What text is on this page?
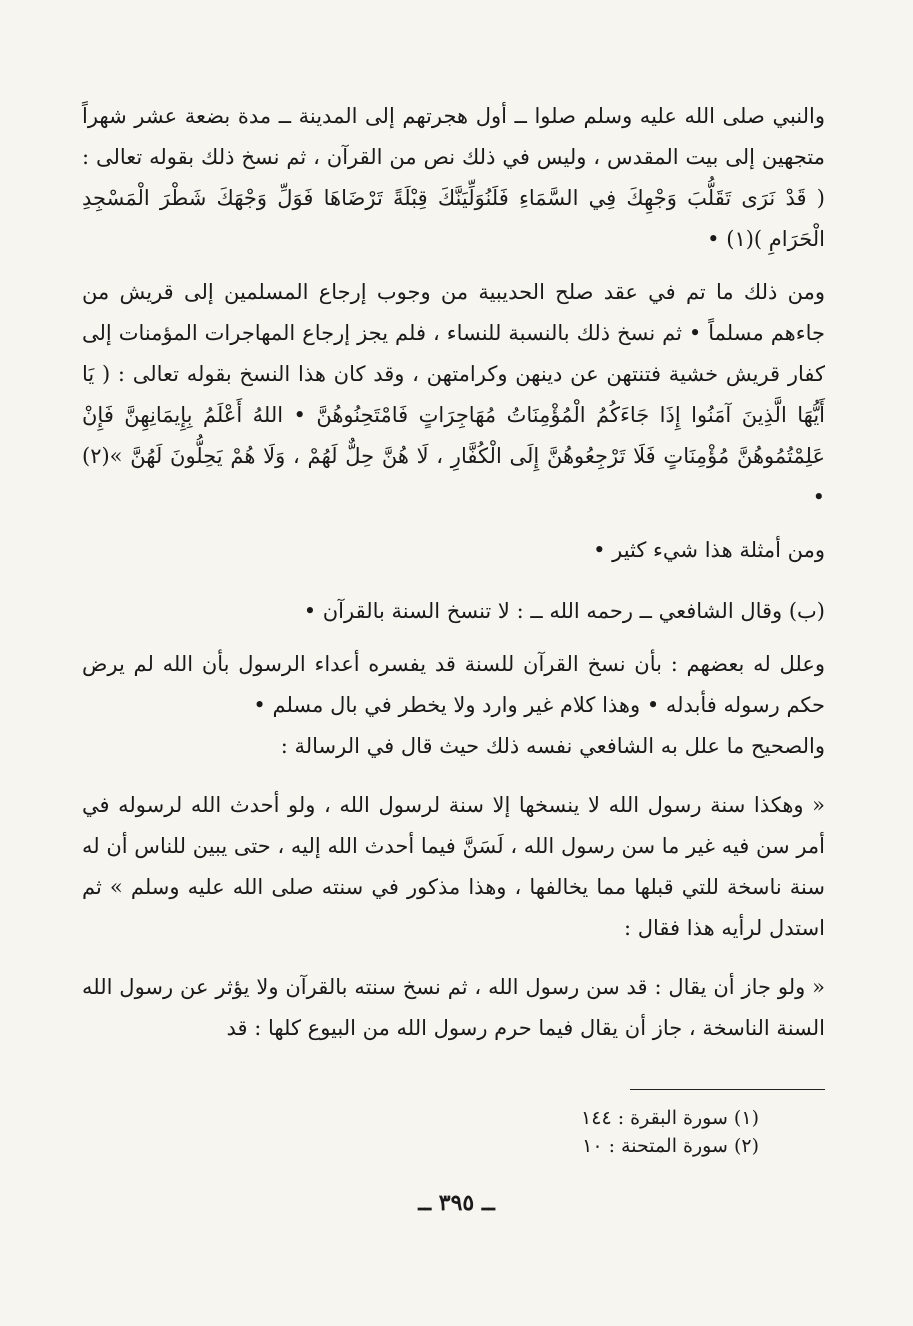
والنبي صلى الله عليه وسلم صلوا ــ أول هجرتهم إلى المدينة ــ مدة بضعة عشر شهراً متجهين إلى بيت المقدس ، وليس في ذلك نص من القرآن ، ثم نسخ ذلك بقوله تعالى : ( قَدْ نَرَى تَقَلُّبَ وَجْهِكَ فِي السَّمَاءِ فَلَنُوَلِّيَنَّكَ قِبْلَةً تَرْضَاهَا فَوَلِّ وَجْهَكَ شَطْرَ الْمَسْجِدِ الْحَرَامِ )(١) •

ومن ذلك ما تم في عقد صلح الحديبية من وجوب إرجاع المسلمين إلى قريش من جاءهم مسلماً • ثم نسخ ذلك بالنسبة للنساء ، فلم يجز إرجاع المهاجرات المؤمنات إلى كفار قريش خشية فتنتهن عن دينهن وكرامتهن ، وقد كان هذا النسخ بقوله تعالى : ( يَا أَيُّهَا الَّذِينَ آمَنُوا إِذَا جَاءَكُمُ الْمُؤْمِنَاتُ مُهَاجِرَاتٍ فَامْتَحِنُوهُنَّ • اللهُ أَعْلَمُ بِإِيمَانِهِنَّ فَإِنْ عَلِمْتُمُوهُنَّ مُؤْمِنَاتٍ فَلَا تَرْجِعُوهُنَّ إِلَى الْكُفَّارِ ، لَا هُنَّ حِلٌّ لَهُمْ ، وَلَا هُمْ يَحِلُّونَ لَهُنَّ »(٢) •

ومن أمثلة هذا شيء كثير •

(ب) وقال الشافعي ــ رحمه الله ــ : لا تنسخ السنة بالقرآن •

وعلل له بعضهم : بأن نسخ القرآن للسنة قد يفسره أعداء الرسول بأن الله لم يرض حكم رسوله فأبدله • وهذا كلام غير وارد ولا يخطر في بال مسلم •

والصحيح ما علل به الشافعي نفسه ذلك حيث قال في الرسالة :

« وهكذا سنة رسول الله لا ينسخها إلا سنة لرسول الله ، ولو أحدث الله لرسوله في أمر سن فيه غير ما سن رسول الله ، لَسَنَّ فيما أحدث الله إليه ، حتى يبين للناس أن له سنة ناسخة للتي قبلها مما يخالفها ، وهذا مذكور في سنته صلى الله عليه وسلم » ثم استدل لرأيه هذا فقال :

« ولو جاز أن يقال : قد سن رسول الله ، ثم نسخ سنته بالقرآن ولا يؤثر عن رسول الله السنة الناسخة ، جاز أن يقال فيما حرم رسول الله من البيوع كلها : قد

(١) سورة البقرة : ١٤٤

(٢) سورة المتحنة : ١٠

ــ ٣٩٥ ــ
